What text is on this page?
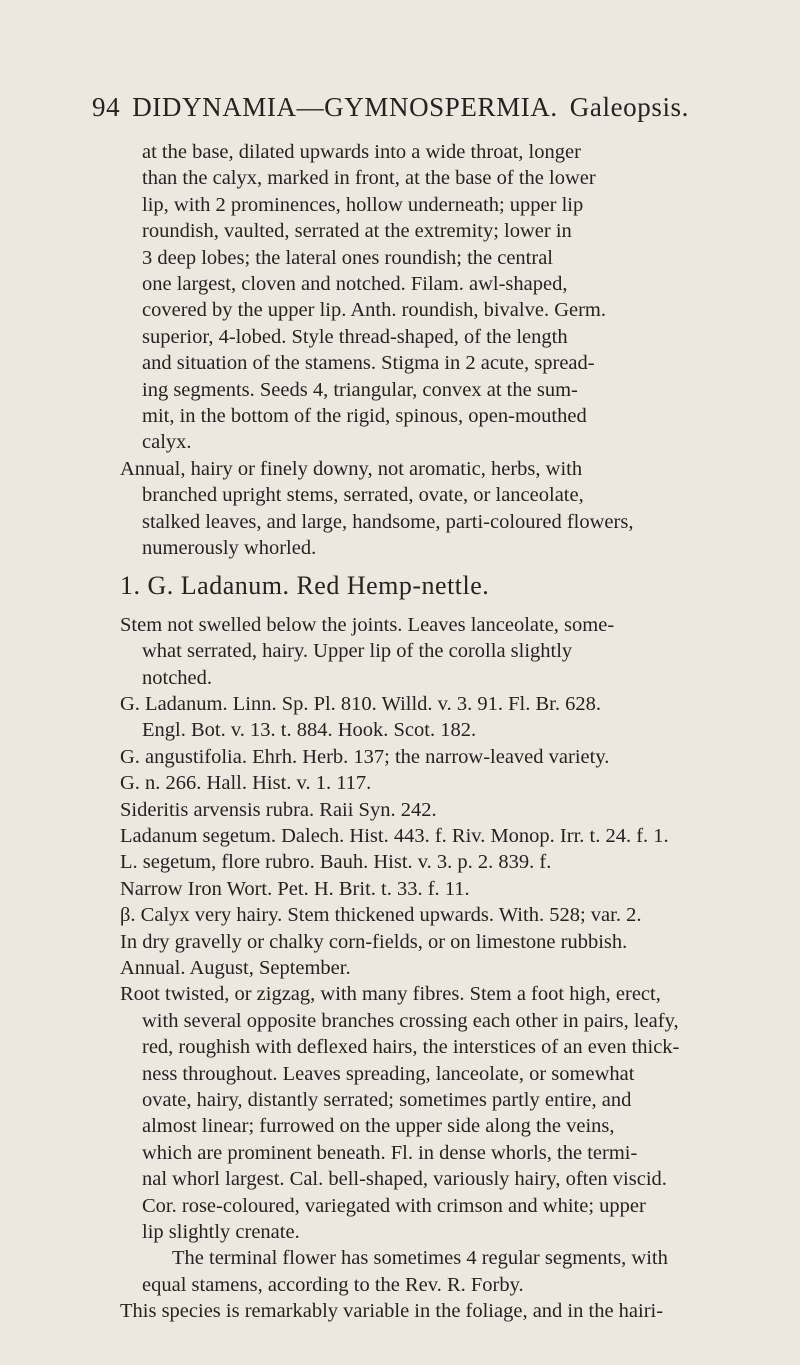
94 DIDYNAMIA—GYMNOSPERMIA. Galeopsis.
at the base, dilated upwards into a wide throat, longer
than the calyx, marked in front, at the base of the lower
lip, with 2 prominences, hollow underneath; upper lip
roundish, vaulted, serrated at the extremity; lower in
3 deep lobes; the lateral ones roundish; the central
one largest, cloven and notched. Filam. awl-shaped,
covered by the upper lip. Anth. roundish, bivalve. Germ.
superior, 4-lobed. Style thread-shaped, of the length
and situation of the stamens. Stigma in 2 acute, spread-
ing segments. Seeds 4, triangular, convex at the sum-
mit, in the bottom of the rigid, spinous, open-mouthed
calyx.
Annual, hairy or finely downy, not aromatic, herbs, with
branched upright stems, serrated, ovate, or lanceolate,
stalked leaves, and large, handsome, parti-coloured flowers,
numerously whorled.
1. G. Ladanum. Red Hemp-nettle.
Stem not swelled below the joints. Leaves lanceolate, some-
what serrated, hairy. Upper lip of the corolla slightly
notched.
G. Ladanum. Linn. Sp. Pl. 810. Willd. v. 3. 91. Fl. Br. 628.
Engl. Bot. v. 13. t. 884. Hook. Scot. 182.
G. angustifolia. Ehrh. Herb. 137; the narrow-leaved variety.
G. n. 266. Hall. Hist. v. 1. 117.
Sideritis arvensis rubra. Raii Syn. 242.
Ladanum segetum. Dalech. Hist. 443. f. Riv. Monop. Irr. t. 24. f. 1.
L. segetum, flore rubro. Bauh. Hist. v. 3. p. 2. 839. f.
Narrow Iron Wort. Pet. H. Brit. t. 33. f. 11.
β. Calyx very hairy. Stem thickened upwards. With. 528; var. 2.
In dry gravelly or chalky corn-fields, or on limestone rubbish.
Annual. August, September.
Root twisted, or zigzag, with many fibres. Stem a foot high, erect,
with several opposite branches crossing each other in pairs, leafy,
red, roughish with deflexed hairs, the interstices of an even thick-
ness throughout. Leaves spreading, lanceolate, or somewhat
ovate, hairy, distantly serrated; sometimes partly entire, and
almost linear; furrowed on the upper side along the veins,
which are prominent beneath. Fl. in dense whorls, the termi-
nal whorl largest. Cal. bell-shaped, variously hairy, often viscid.
Cor. rose-coloured, variegated with crimson and white; upper
lip slightly crenate.
The terminal flower has sometimes 4 regular segments, with
equal stamens, according to the Rev. R. Forby.
This species is remarkably variable in the foliage, and in the hairi-
